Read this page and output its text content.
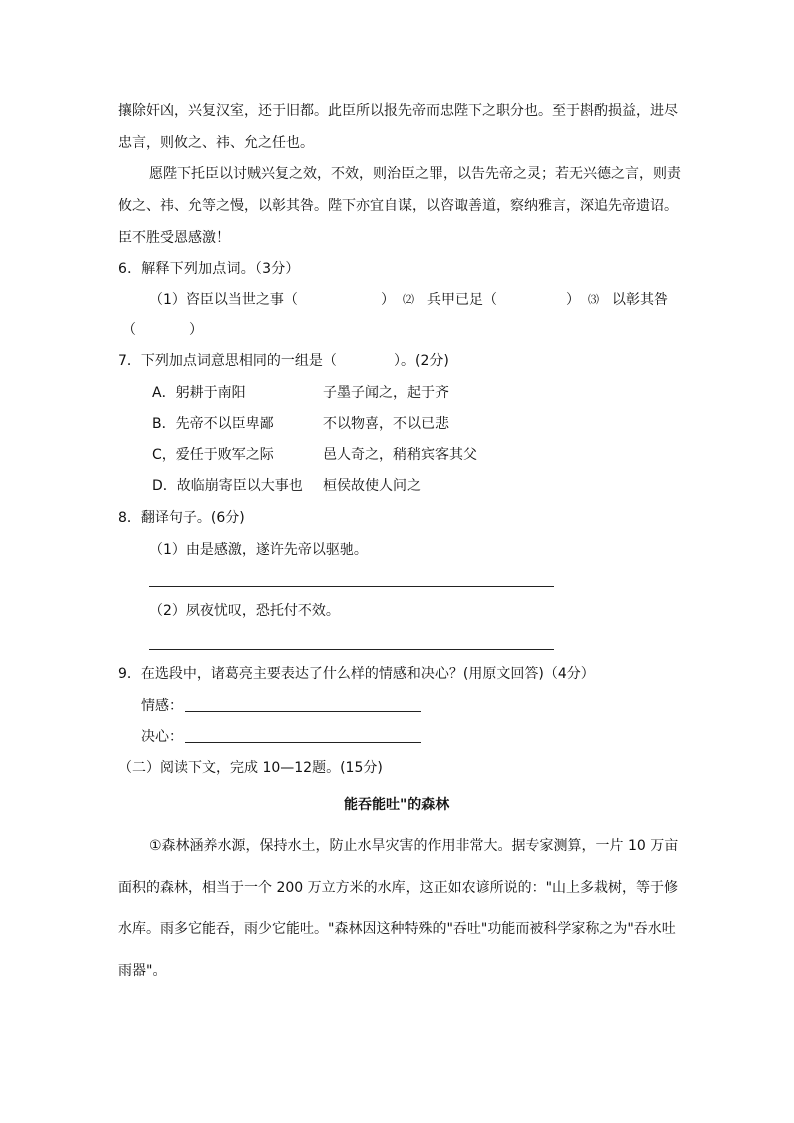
攘除奸凶，兴复汉室，还于旧都。此臣所以报先帝而忠陛下之职分也。至于斟酌损益，进尽
忠言，则攸之、祎、允之任也。
愿陛下托臣以讨贼兴复之效，不效，则治臣之罪，以告先帝之灵；若无兴德之言，则责
攸之、祎、允等之慢，以彰其咎。陛下亦宜自谋，以咨诹善道，察纳雅言，深追先帝遗诏。
臣不胜受恩感激！
6．解释下列加点词。（3分）
（1）咨臣以当世之事（	） ⑵ 兵甲已足（	） ⑶ 以彰其咎
（	）
7．下列加点词意思相同的一组是（	）。(2分)
A．躬耕于南阳	子墨子闻之，起于齐
B．先帝不以臣卑鄙	不以物喜，不以已悲
C，爱任于败军之际	邑人奇之，稍稍宾客其父
D．故临崩寄臣以大事也 桓侯故使人问之
8．翻译句子。(6分)
（1）由是感激，遂许先帝以驱驰。
（2）夙夜忧叹，恐托付不效。
9．在选段中，诸葛亮主要表达了什么样的情感和决心？(用原文回答)（4分）
情感：
决心：
（二）阅读下文，完成 10—12题。(15分)
能吞能吐"的森林
①森林涵养水源，保持水土，防止水旱灾害的作用非常大。据专家测算，一片 10 万亩
面积的森林，相当于一个 200 万立方米的水库，这正如农谚所说的："山上多栽树，等于修
水库。雨多它能吞，雨少它能吐。"森林因这种特殊的"吞吐"功能而被科学家称之为"吞水吐
雨器"。
